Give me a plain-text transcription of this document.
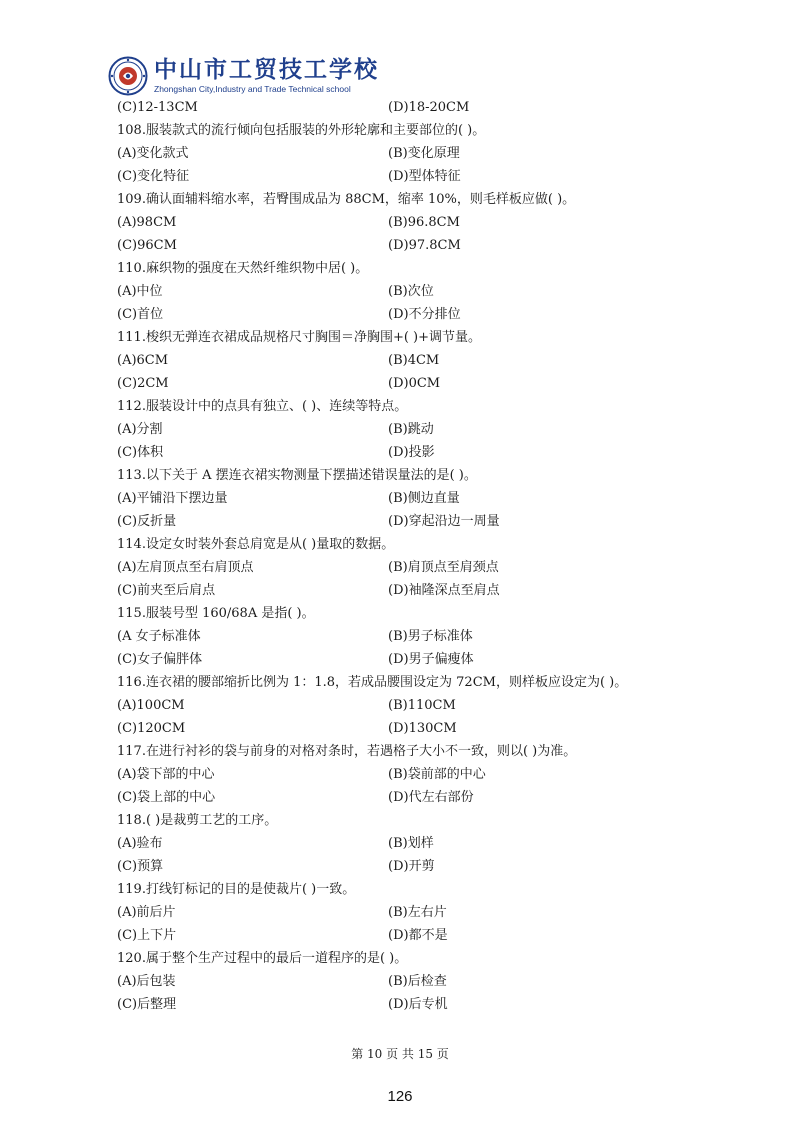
中山市工贸技工学校
Zhongshan City,Industry and Trade Technical school
(C)12-13CM	(D)18-20CM
108.服装款式的流行倾向包括服装的外形轮廓和主要部位的( )。
(A)变化款式	(B)变化原理
(C)变化特征	(D)型体特征
109.确认面辅料缩水率，若臀围成品为 88CM，缩率 10%，则毛样板应做( )。
(A)98CM	(B)96.8CM
(C)96CM	(D)97.8CM
110.麻织物的强度在天然纤维织物中居( )。
(A)中位	(B)次位
(C)首位	(D)不分排位
111.梭织无弹连衣裙成品规格尺寸胸围＝净胸围+( )+调节量。
(A)6CM	(B)4CM
(C)2CM	(D)0CM
112.服装设计中的点具有独立、( )、连续等特点。
(A)分割	(B)跳动
(C)体积	(D)投影
113.以下关于 A 摆连衣裙实物测量下摆描述错误量法的是( )。
(A)平铺沿下摆边量	(B)侧边直量
(C)反折量	(D)穿起沿边一周量
114.设定女时装外套总肩宽是从( )量取的数据。
(A)左肩顶点至右肩顶点	(B)肩顶点至肩颈点
(C)前夹至后肩点	(D)袖隆深点至肩点
115.服装号型 160/68A 是指( )。
(A 女子标准体	(B)男子标准体
(C)女子偏胖体	(D)男子偏瘦体
116.连衣裙的腰部缩折比例为 1：1.8，若成品腰围设定为 72CM，则样板应设定为( )。
(A)100CM	(B)110CM
(C)120CM	(D)130CM
117.在进行衬衫的袋与前身的对格对条时，若遇格子大小不一致，则以( )为准。
(A)袋下部的中心	(B)袋前部的中心
(C)袋上部的中心	(D)代左右部份
118.( )是裁剪工艺的工序。
(A)验布	(B)划样
(C)预算	(D)开剪
119.打线钉标记的目的是使裁片( )一致。
(A)前后片	(B)左右片
(C)上下片	(D)都不是
120.属于整个生产过程中的最后一道程序的是( )。
(A)后包装	(B)后检查
(C)后整理	(D)后专机
第 10 页 共 15 页
126
